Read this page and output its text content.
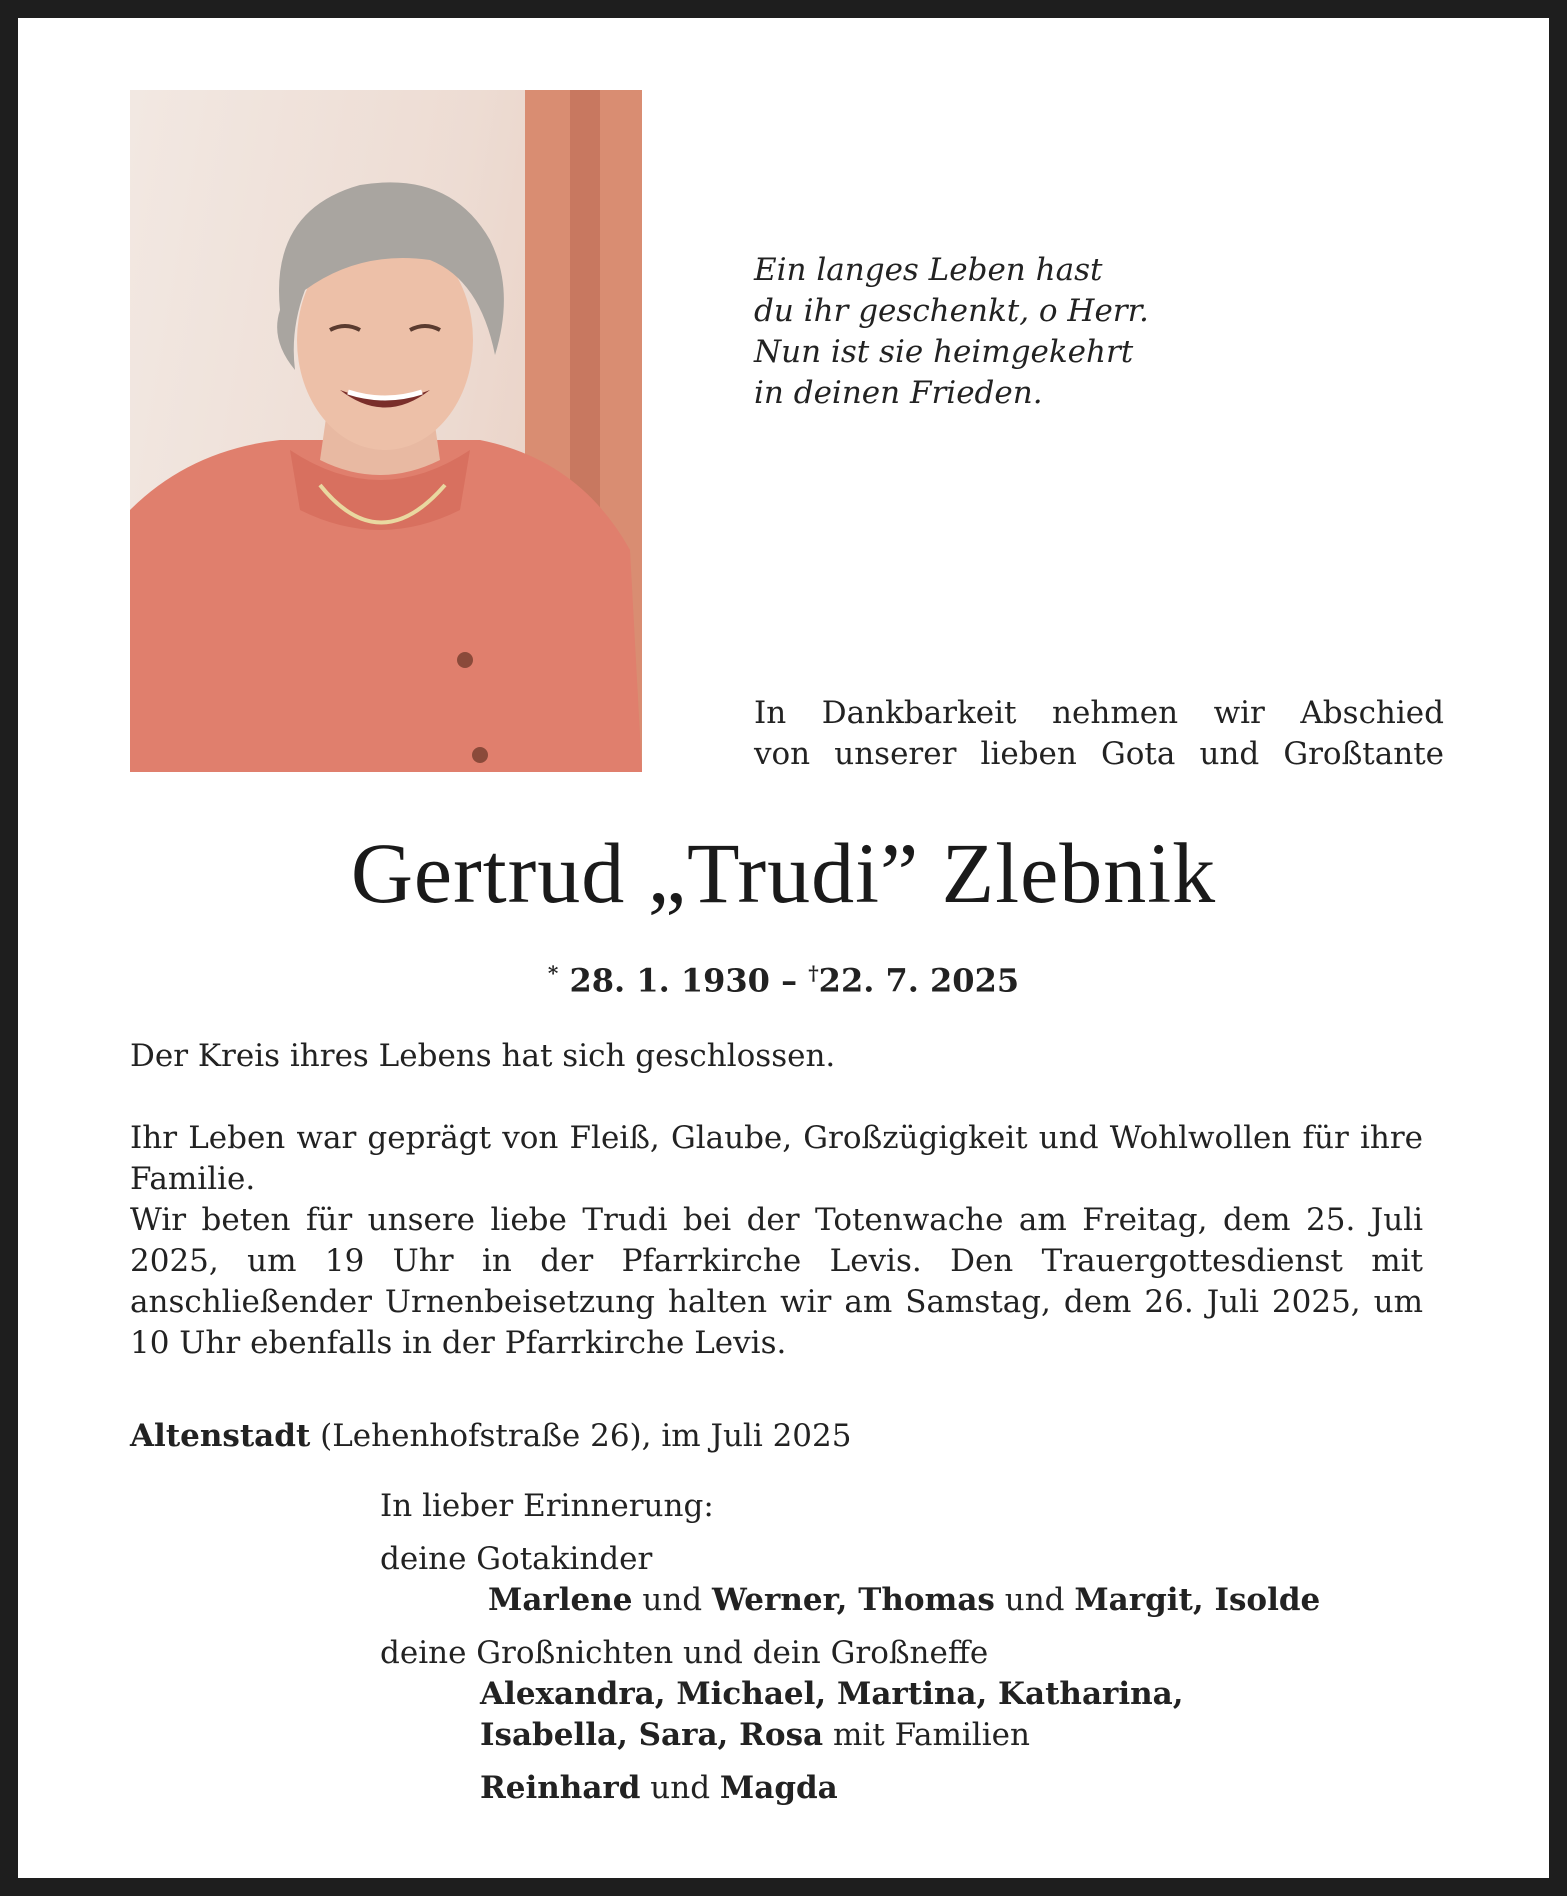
Ein langes Leben hast
du ihr geschenkt, o Herr.
Nun ist sie heimgekehrt
in deinen Frieden.
In Dankbarkeit nehmen wir Abschied
von unserer lieben Gota und Großtante
Gertrud „Trudi” Zlebnik
* 28. 1. 1930 – †22. 7. 2025

Der Kreis ihres Lebens hat sich geschlossen.

Ihr Leben war geprägt von Fleiß, Glaube, Großzügigkeit und Wohlwollen für ihre Familie.

Wir beten für unsere liebe Trudi bei der Totenwache am Freitag, dem 25. Juli 2025, um 19 Uhr in der Pfarrkirche Levis. Den Trauergottesdienst mit anschließender Urnenbeisetzung halten wir am Samstag, dem 26. Juli 2025, um 10 Uhr ebenfalls in der Pfarrkirche Levis.

Altenstadt (Lehenhofstraße 26), im Juli 2025
In lieber Erinnerung:
deine Gotakinder
Marlene und Werner, Thomas und Margit, Isolde
deine Großnichten und dein Großneffe
Alexandra, Michael, Martina, Katharina,
Isabella, Sara, Rosa mit Familien
Reinhard und Magda
